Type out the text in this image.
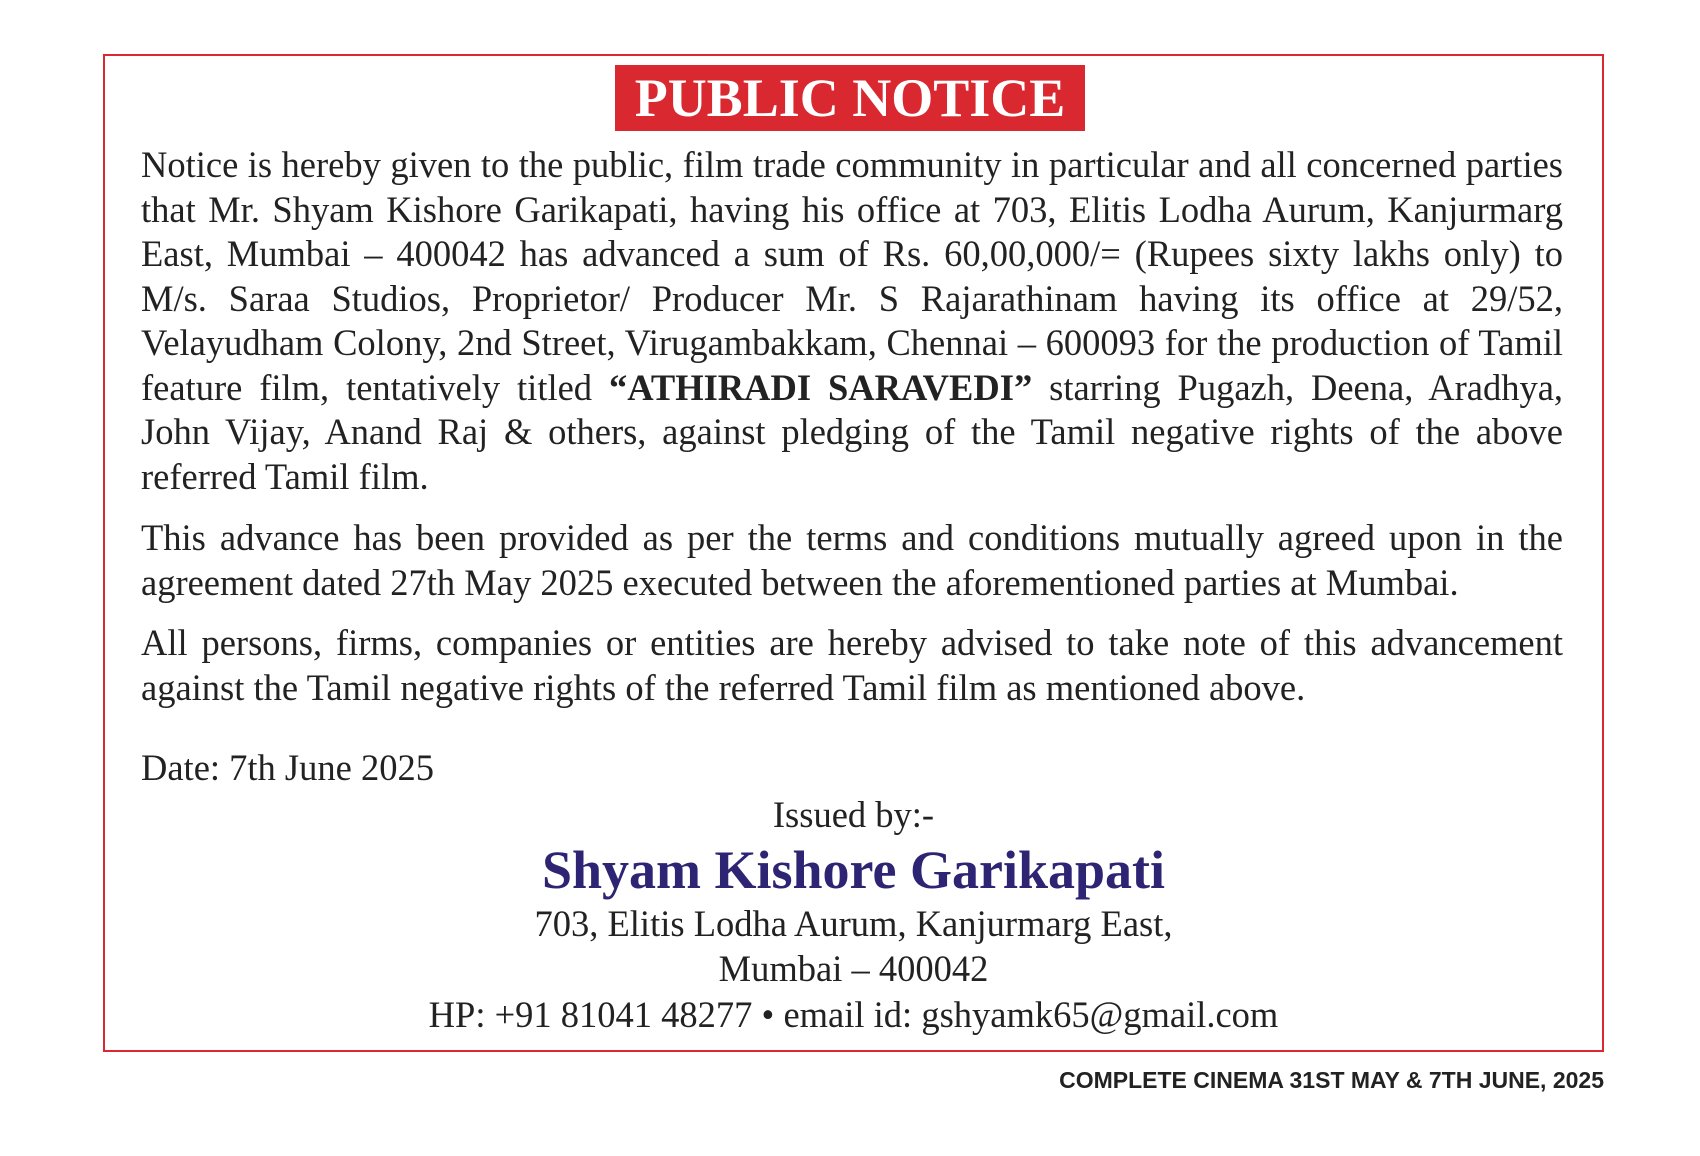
PUBLIC NOTICE

Notice is hereby given to the public, film trade community in particular and all concerned parties that Mr. Shyam Kishore Garikapati, having his office at 703, Elitis Lodha Aurum, Kanjurmarg East, Mumbai – 400042 has advanced a sum of Rs. 60,00,000/= (Rupees sixty lakhs only) to M/s. Saraa Studios, Proprietor/ Producer Mr. S Rajarathinam having its office at 29/52, Velayudham Colony, 2nd Street, Virugambakkam, Chennai – 600093 for the production of Tamil feature film, tentatively titled “ATHIRADI SARAVEDI” starring Pugazh, Deena, Aradhya, John Vijay, Anand Raj & others, against pledging of the Tamil negative rights of the above referred Tamil film.

This advance has been provided as per the terms and conditions mutually agreed upon in the agreement dated 27th May 2025 executed between the aforementioned parties at Mumbai.

All persons, firms, companies or entities are hereby advised to take note of this advancement against the Tamil negative rights of the referred Tamil film as mentioned above.

Date: 7th June 2025

Issued by:-

Shyam Kishore Garikapati

703, Elitis Lodha Aurum, Kanjurmarg East,

Mumbai – 400042

HP: +91 81041 48277 • email id: gshyamk65@gmail.com

COMPLETE CINEMA 31ST MAY & 7TH JUNE, 2025
